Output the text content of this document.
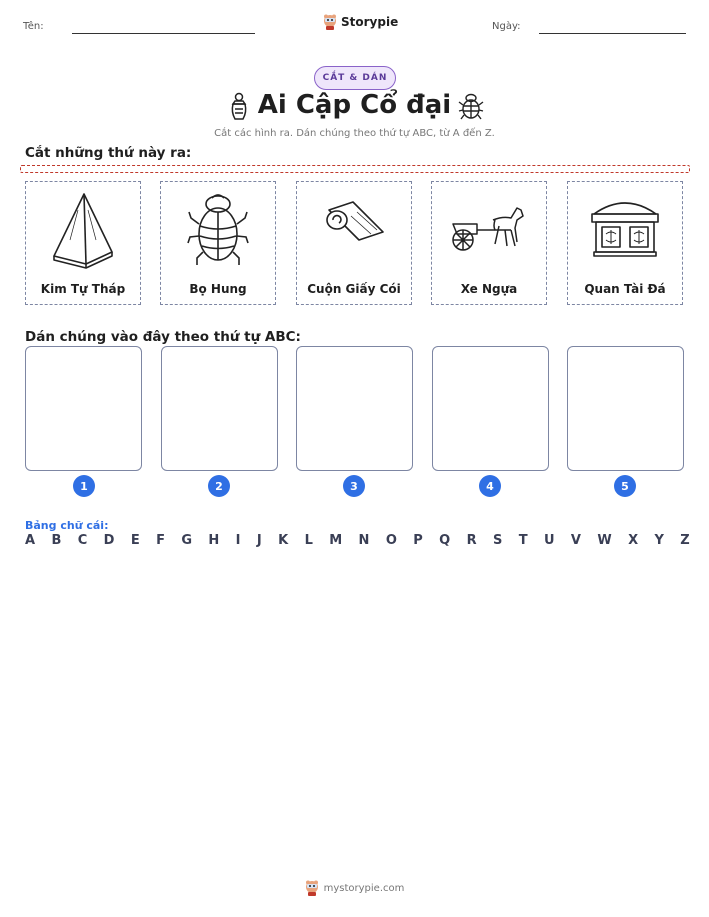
Tên:	Storypie	Ngày:
CẮT & DÁN
Ai Cập Cổ đại
Cắt các hình ra. Dán chúng theo thứ tự ABC, từ A đến Z.
Cắt những thứ này ra:
Kim Tự Tháp	Bọ Hung	Cuộn Giấy Cói	Xe Ngựa	Quan Tài Đá
Dán chúng vào đây theo thứ tự ABC:
1	2	3	4	5
Bảng chữ cái:
A B C D E F G H I J K L M N O P Q R S T U V W X Y Z
mystorypie.com
